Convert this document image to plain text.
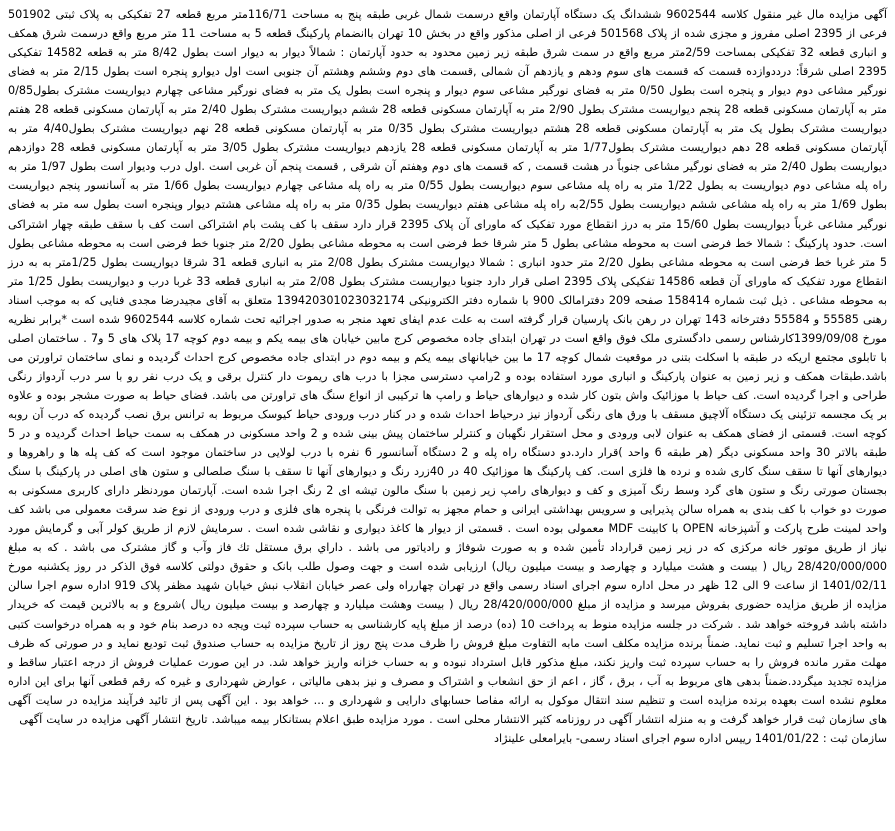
آگهی مزایده مال غیر منقول کلاسه 9602544 ششدانگ یک دستگاه آپارتمان واقع درسمت شمال غربی طبقه پنج به مساحت 116/71متر مربع قطعه 27 تفکیکی به پلاک ثبتی 501902 فرعی از 2395 اصلی مفروز و مجزی شده از پلاک 501568 فرعی از اصلی مذکور واقع در بخش 10 تهران باانضمام پارکینگ قطعه 5 به مساحت 11 متر مربع واقع درسمت شرق همکف و انباری قطعه 32 تفکیکی بمساحت 2/59متر مربع واقع در سمت شرق طبقه زیر زمین محدود به حدود آپارتمان : شمالاً دیوار به دیوار است بطول 8/42 متر به قطعه 14582 تفکیکی 2395 اصلی شرقاً: درددوازده قسمت که قسمت های سوم ودهم و یازدهم آن شمالی ,قسمت های دوم وششم وهشتم آن جنوبی است اول دیوارو پنجره است بطول 2/15 متر به فضای نورگیر مشاعی دوم دیوار و پنجره است بطول 0/50 متر به فضای نورگیر مشاعی سوم دیوار و پنجره است بطول یک متر به فضای نورگیر مشاعی چهارم دیواریست مشترک بطول0/85 متر به آپارتمان مسکونی قطعه 28 پنجم دیواریست مشترک بطول 2/90 متر به آپارتمان مسکونی قطعه 28 ششم دیواریست مشترک بطول 2/40 متر به آپارتمان مسکونی قطعه 28 هفتم دیواریست مشترک بطول یک متر به آپارتمان مسکونی قطعه 28 هشتم دیواریست مشترک بطول 0/35 متر به آپارتمان مسکونی قطعه 28 نهم دیواریست مشترک بطول4/40 متر به آپارتمان مسکونی قطعه 28 دهم دیواریست مشترک بطول1/77 متر به آپارتمان مسکونی قطعه 28 یازدهم دیواریست مشترک بطول 3/05 متر به آپارتمان مسکونی قطعه 28 دوازدهم دیواریست بطول 2/40 متر به فضای نورگیر مشاعی جنوباً در هشت قسمت , که قسمت های دوم وهفتم آن شرقی , قسمت پنجم آن غربی است .اول درب ودیوار است بطول 1/97 متر به راه پله مشاعی دوم دیواریست به بطول 1/22 متر به راه پله مشاعی سوم دیواریست بطول 0/55 متر به راه پله مشاعی چهارم دیواریست بطول 1/66 متر به آسانسور پنجم دیواریست بطول 1/69 متر به راه پله مشاعی ششم دیواریست بطول 2/55به راه پله مشاعی هفتم دیواریست بطول 0/35 متر به راه پله مشاعی هشتم دیوار وپنجره است بطول سه متر به فضای نورگیر مشاعی غرباً دیواریست بطول 15/60 متر به درز انقطاع مورد تفکیک که ماورای آن پلاک 2395 قرار دارد سقف با کف پشت بام اشتراکی است کف با سقف طبقه چهار اشتراکی است. حدود پارکینگ : شمالا خط فرضی است به محوطه مشاعی بطول 5 متر شرقا خط فرضی است به محوطه مشاعی بطول 2/20 متر جنوبا خط فرضی است به محوطه مشاعی بطول 5 متر غربا خط فرضی است به محوطه مشاعی بطول 2/20 متر حدود انباری : شمالا دیواریست مشترک بطول 2/08 متر به انباری قطعه 31 شرقا دیواریست بطول 1/25متر به به درز انقطاع مورد تفکیک که ماورای آن قطعه 14586 تفکیکی پلاک 2395 اصلی قرار دارد جنوبا دیواریست مشترک بطول 2/08 متر به انباری قطعه 33 غربا درب و دیواریست بطول 1/25 متر به محوطه مشاعی . ذیل ثبت شماره 158414 صفحه 209 دفترامالک 900 با شماره دفتر الکترونیکی 139420301023032174 متعلق به آقای مجیدرضا مجدی فنایی که به موجب اسناد رهنی 55585 و 55584 دفترخانه 143 تهران در رهن بانک پارسیان قرار گرفته است به علت عدم ایفای تعهد منجر به صدور اجرائیه تحت شماره کلاسه 9602544 شده است *برابر نظریه مورخ 1399/09/08کارشناس رسمی دادگستری ملک فوق واقع است در تهران ابتدای جاده مخصوص کرج مابین خیابان های بیمه یکم و بیمه دوم کوچه 17 پلاک های 5 و7 . ساختمان اصلی با تابلوی مجتمع اریکه در طبقه با اسکلت بتنی در موقعیت شمال کوچه 17 ما بین خیابانهای بیمه یکم و بیمه دوم در ابتدای جاده مخصوص کرج احداث گردیده و نمای ساختمان تراورتن می باشد.طبقات همکف و زیر زمین به عنوان پارکینگ و انباری مورد استفاده بوده و 2رامپ دسترسی مجزا با درب های ریموت دار کنترل برقی و یک درب نفر رو با سر درب آردواز رنگی طراحی و اجرا گردیده است. کف حیاط با موزائیک واش بتون کار شده و دیوارهای حیاط و رامپ ها ترکیبی از انواع سنگ های تراورتن می باشد. فضای حیاط به صورت مشجر بوده و علاوه بر یک مجسمه تزئینی یک دستگاه آلاچیق مسقف با ورق های رنگی آردواز نیز درحیاط احداث شده و در کنار درب ورودی حیاط کیوسک مربوط به ترانس برق نصب گردیده که درب آن روبه کوچه است. قسمتی از فضای همکف به عنوان لابی ورودی و محل استقرار نگهبان و کنترلر ساختمان پیش بینی شده و 2 واحد مسکونی در همکف به سمت حیاط احداث گردیده و در 5 طبقه بالاتر 30 واحد مسکونی دیگر (هر طبقه 6 واحد )قرار دارد.دو دستگاه راه پله و 2 دستگاه آسانسور 6 نفره با درب لولایی در ساختمان موجود است که کف پله ها و راهروها و دیوارهای آنها تا سقف سنگ کاری شده و نرده ها فلزی است. کف پارکینگ ها موزائیک 40 در 40زرد رنگ و دیوارهای آنها تا سقف با سنگ صلصالی و ستون های اصلی در پارکینگ با سنگ بجستان صورتی رنگ و ستون های گرد وسط رنگ آمیزی و کف و دیوارهای رامپ زیر زمین با سنگ مالون تیشه ای 2 رنگ اجرا شده است. آپارتمان موردنظر دارای کاربری مسکونی به صورت دو خواب با کف بندی به همراه سالن پذیرایی و سرویس بهداشتی ایرانی و حمام مجهز به توالت فرنگی با پنجره های فلزی و درب ورودی از نوع ضد سرقت معمولی می باشد کف واحد لمینت طرح پارکت و آشپزخانه OPEN با کابینت MDF معمولی بوده است . قسمتی از دیوار ها کاغذ دیواری و نقاشی شده است . سرمایش لازم از طریق کولر آبی و گرمایش مورد نیاز از طریق موتور خانه مرکزی که در زیر زمین قرارداد تأمین شده و به صورت شوفاژ و رادیاتور می باشد . داراي برق مستقل تك فاز وآب و گاز مشترک می باشد . که به مبلغ 28/420/000/000 ریال ( بیست و هشت میلیارد و چهارصد و بیست میلیون ریال) ارزیابی شده است و جهت وصول طلب بانک و حقوق دولتی کلاسه فوق الذکر در روز یکشنبه مورخ 1401/02/11 از ساعت 9 الی 12 ظهر در محل اداره سوم اجرای اسناد رسمی واقع در تهران چهارراه ولی عصر خیابان انقلاب نبش خیابان شهید مظفر پلاک 919 اداره سوم اجرا سالن مزایده از طریق مزایده حضوری بفروش میرسد و مزایده از مبلغ 28/420/000/000 ریال ( بیست وهشت میلیارد و چهارصد و بیست میلیون ریال )شروع و به بالاترین قیمت که خریدار داشته باشد فروخته خواهد شد . شرکت در جلسه مزایده منوط به پرداخت 10 (ده) درصد از مبلغ پایه کارشناسی به حساب سپرده ثبت ویجه ده درصد بنام خود و به همراه درخواست کتبی به واحد اجرا تسلیم و ثبت نماید. ضمناً برنده مزایده مکلف است مابه التفاوت مبلغ فروش را ظرف مدت پنج روز از تاریخ مزایده به حساب صندوق ثبت تودیع نماید و در صورتی که ظرف مهلت مقرر مانده فروش را به حساب سپرده ثبت واریز نکند، مبلغ مذکور قابل استرداد نبوده و به حساب خزانه واریز خواهد شد. در این صورت عملیات فروش از درجه اعتبار ساقط و مزایده تجدید میگردد.ضمناً بدهی های مربوط به آب ، برق ، گاز ، اعم از حق انشعاب و اشتراک و مصرف و نیز بدهی مالیاتی ، عوارض شهرداری و غیره که رقم قطعی آنها برای این اداره معلوم نشده است بعهده برنده مزایده است و تنظیم سند انتقال موکول به ارائه مفاصا حسابهای دارایی و شهرداری و ... خواهد بود . این آگهی پس از تائید فرآیند مزایده در سایت آگهی های سازمان ثبت قرار خواهد گرفت و به منزله انتشار آگهی در روزنامه کثیر الانتشار محلی است . مورد مزایده طبق اعلام بستانکار بیمه میباشد. تاریخ انتشار آگهی مزایده در سایت آگهی

سازمان ثبت : 1401/01/22 رییس اداره سوم اجرای اسناد رسمی- بایرامعلی علینژاد
